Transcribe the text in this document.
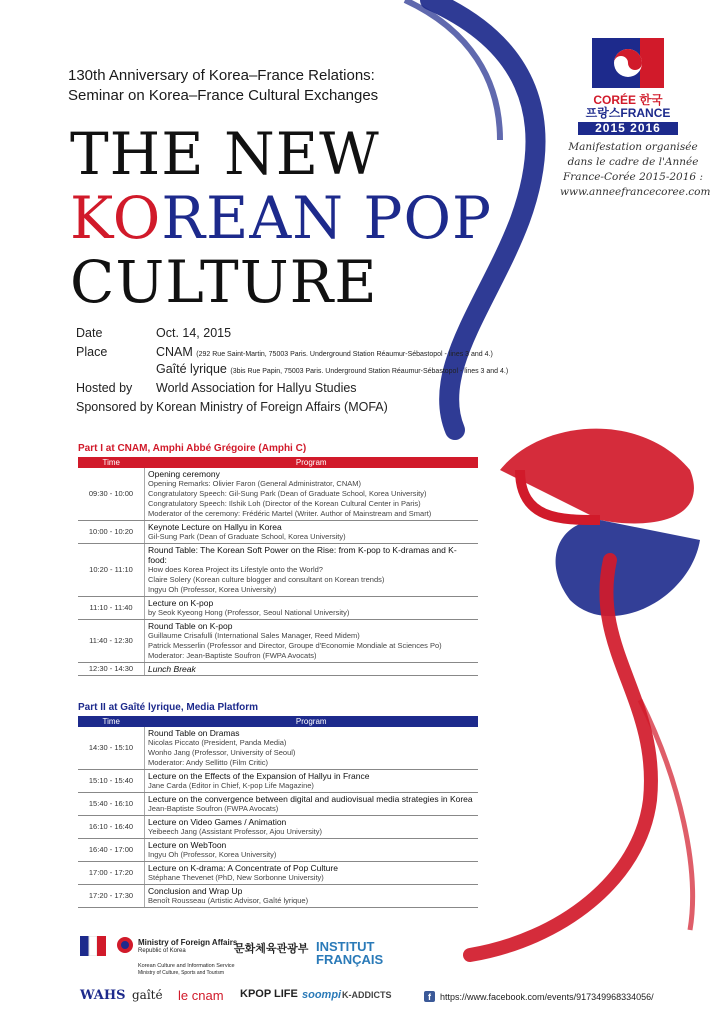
130th Anniversary of Korea–France Relations:
Seminar on Korea–France Cultural Exchanges
THE NEW
KOREAN POP
CULTURE
CORÉE 한국
프랑스FRANCE
2015 2016
Manifestation organisée
dans le cadre de l'Année
France-Corée 2015-2016 :
www.anneefrancecoree.com
Date	Oct. 14, 2015
Place	CNAM (292 Rue Saint-Martin, 75003 Paris. Underground Station Réaumur-Sébastopol - lines 3 and 4.)
Gaîté lyrique (3bis Rue Papin, 75003 Paris. Underground Station Réaumur-Sébastopol - lines 3 and 4.)
Hosted by	World Association for Hallyu Studies
Sponsored by Korean Ministry of Foreign Affairs (MOFA)
Part I at CNAM, Amphi Abbé Grégoire (Amphi C)
Time	Program
09:30 - 10:00	Opening ceremony
Opening Remarks: Olivier Faron (General Administrator, CNAM)
Congratulatory Speech: Gil-Sung Park (Dean of Graduate School, Korea University)
Congratulatory Speech: Ilshik Loh (Director of the Korean Cultural Center in Paris)
Moderator of the ceremony: Frédéric Martel (Writer. Author of Mainstream and Smart)

10:00 - 10:20	Keynote Lecture on Hallyu in Korea
Gil-Sung Park (Dean of Graduate School, Korea University)

10:20 - 11:10	Round Table: The Korean Soft Power on the Rise: from K-pop to K-dramas and K-food:
How does Korea Project its Lifestyle onto the World?
Claire Solery (Korean culture blogger and consultant on Korean trends)
Ingyu Oh (Professor, Korea University)

11:10 - 11:40	Lecture on K-pop
by Seok Kyeong Hong (Professor, Seoul National University)

11:40 - 12:30	Round Table on K-pop
Guillaume Crisafulli (International Sales Manager, Reed Midem)
Patrick Messerlin (Professor and Director, Groupe d'Economie Mondiale at Sciences Po)
Moderator: Jean-Baptiste Soufron (FWPA Avocats)

12:30 - 14:30	Lunch Break
Part II at Gaîté lyrique, Media Platform
Time	Program
14:30 - 15:10	Round Table on Dramas
Nicolas Piccato (President, Panda Media)
Wonho Jang (Professor, University of Seoul)
Moderator: Andy Sellitto (Film Critic)

15:10 - 15:40	Lecture on the Effects of the Expansion of Hallyu in France
Jane Carda (Editor in Chief, K-pop Life Magazine)

15:40 - 16:10	Lecture on the convergence between digital and audiovisual media strategies in Korea
Jean-Baptiste Soufron (FWPA Avocats)

16:10 - 16:40	Lecture on Video Games / Animation
Yeibeech Jang (Assistant Professor, Ajou University)

16:40 - 17:00	Lecture on WebToon
Ingyu Oh (Professor, Korea University)

17:00 - 17:20	Lecture on K-drama: A Concentrate of Pop Culture
Stéphane Thevenet (PhD, New Sorbonne University)

17:20 - 17:30	Conclusion and Wrap Up
Benoît Rousseau (Artistic Advisor, Gaîté lyrique)
Ministry of Foreign Affairs
Republic of Korea
Korean Culture and Information Service
Ministry of Culture, Sports and Tourism
문화체육관광부 INSTITUT
FRANÇAIS
WAHS gaîté le cnam KPOP LIFE soompi K-ADDICTS	f	https://www.facebook.com/events/917349968334056/
